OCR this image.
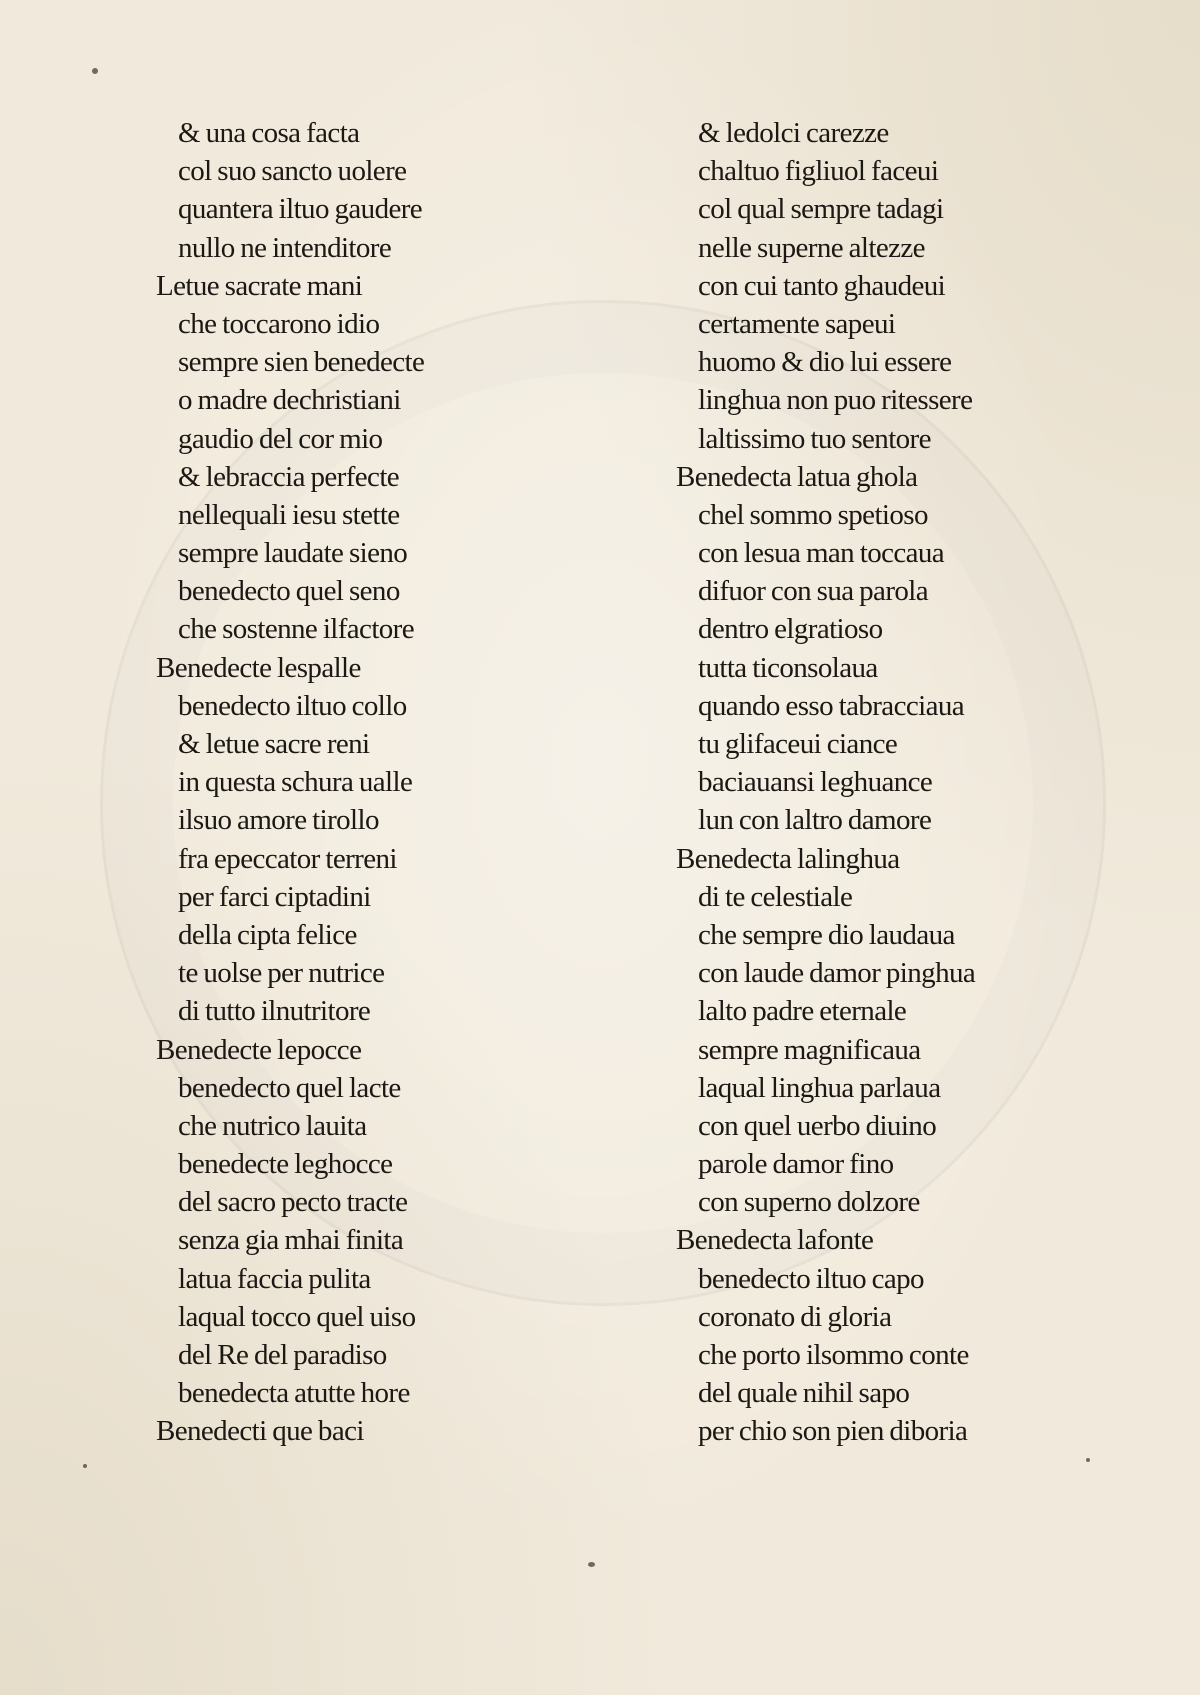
& una cosa facta
col suo sancto uolere
quantera iltuo gaudere
nullo ne intenditore
Letue sacrate mani
che toccarono idio
sempre sien benedecte
o madre dechristiani
gaudio del cor mio
& lebraccia perfecte
nellequali iesu stette
sempre laudate sieno
benedecto quel seno
che sostenne ilfactore
Benedecte lespalle
benedecto iltuo collo
& letue sacre reni
in questa schura ualle
ilsuo amore tirollo
fra epeccator terreni
per farci ciptadini
della cipta felice
te uolse per nutrice
di tutto ilnutritore
Benedecte lepocce
benedecto quel lacte
che nutrico lauita
benedecte leghocce
del sacro pecto tracte
senza gia mhai finita
latua faccia pulita
laqual tocco quel uiso
del Re del paradiso
benedecta atutte hore
Benedecti que baci
& ledolci carezze
chaltuo figliuol faceui
col qual sempre tadagi
nelle superne altezze
con cui tanto ghaudeui
certamente sapeui
huomo & dio lui essere
linghua non puo ritessere
laltissimo tuo sentore
Benedecta latua ghola
chel sommo spetioso
con lesua man toccaua
difuor con sua parola
dentro elgratioso
tutta ticonsolaua
quando esso tabracciaua
tu glifaceui ciance
baciauansi leghuance
lun con laltro damore
Benedecta lalinghua
di te celestiale
che sempre dio laudaua
con laude damor pinghua
lalto padre eternale
sempre magnificaua
laqual linghua parlaua
con quel uerbo diuino
parole damor fino
con superno dolzore
Benedecta lafonte
benedecto iltuo capo
coronato di gloria
che porto ilsommo conte
del quale nihil sapo
per chio son pien diboria
